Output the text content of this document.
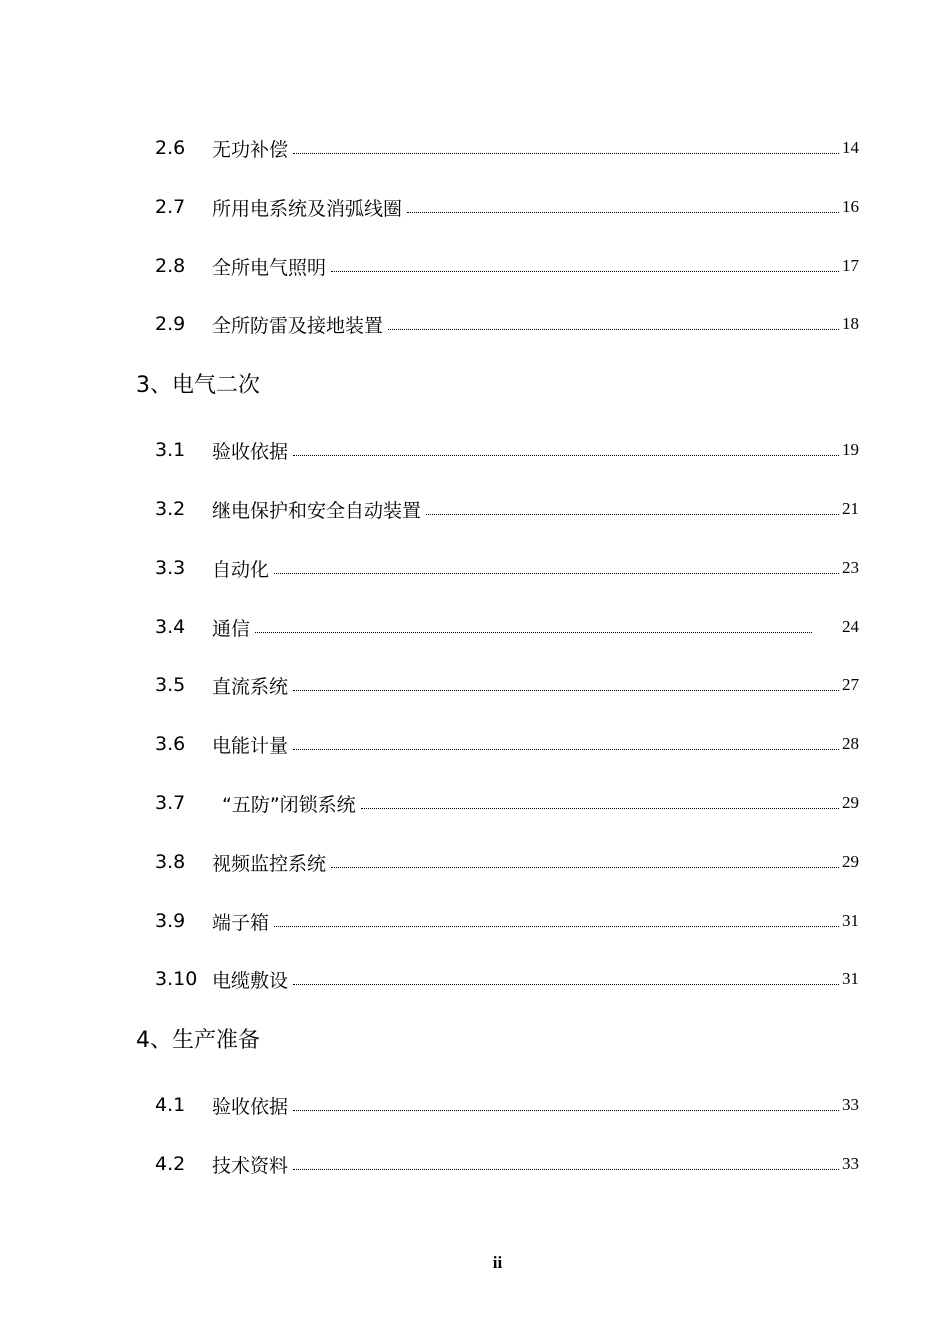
2.6	无功补偿	14
2.7	所用电系统及消弧线圈	16
2.8	全所电气照明	17
2.9	全所防雷及接地装置	18
3、电气二次
3.1	验收依据	19
3.2	继电保护和安全自动装置	21
3.3	自动化	23
3.4	通信	24
3.5	直流系统	27
3.6	电能计量	28
3.7	“五防”闭锁系统	29
3.8	视频监控系统	29
3.9	端子箱	31
3.10 电缆敷设	31
4、生产准备
4.1	验收依据	33
4.2	技术资料	33
ii
